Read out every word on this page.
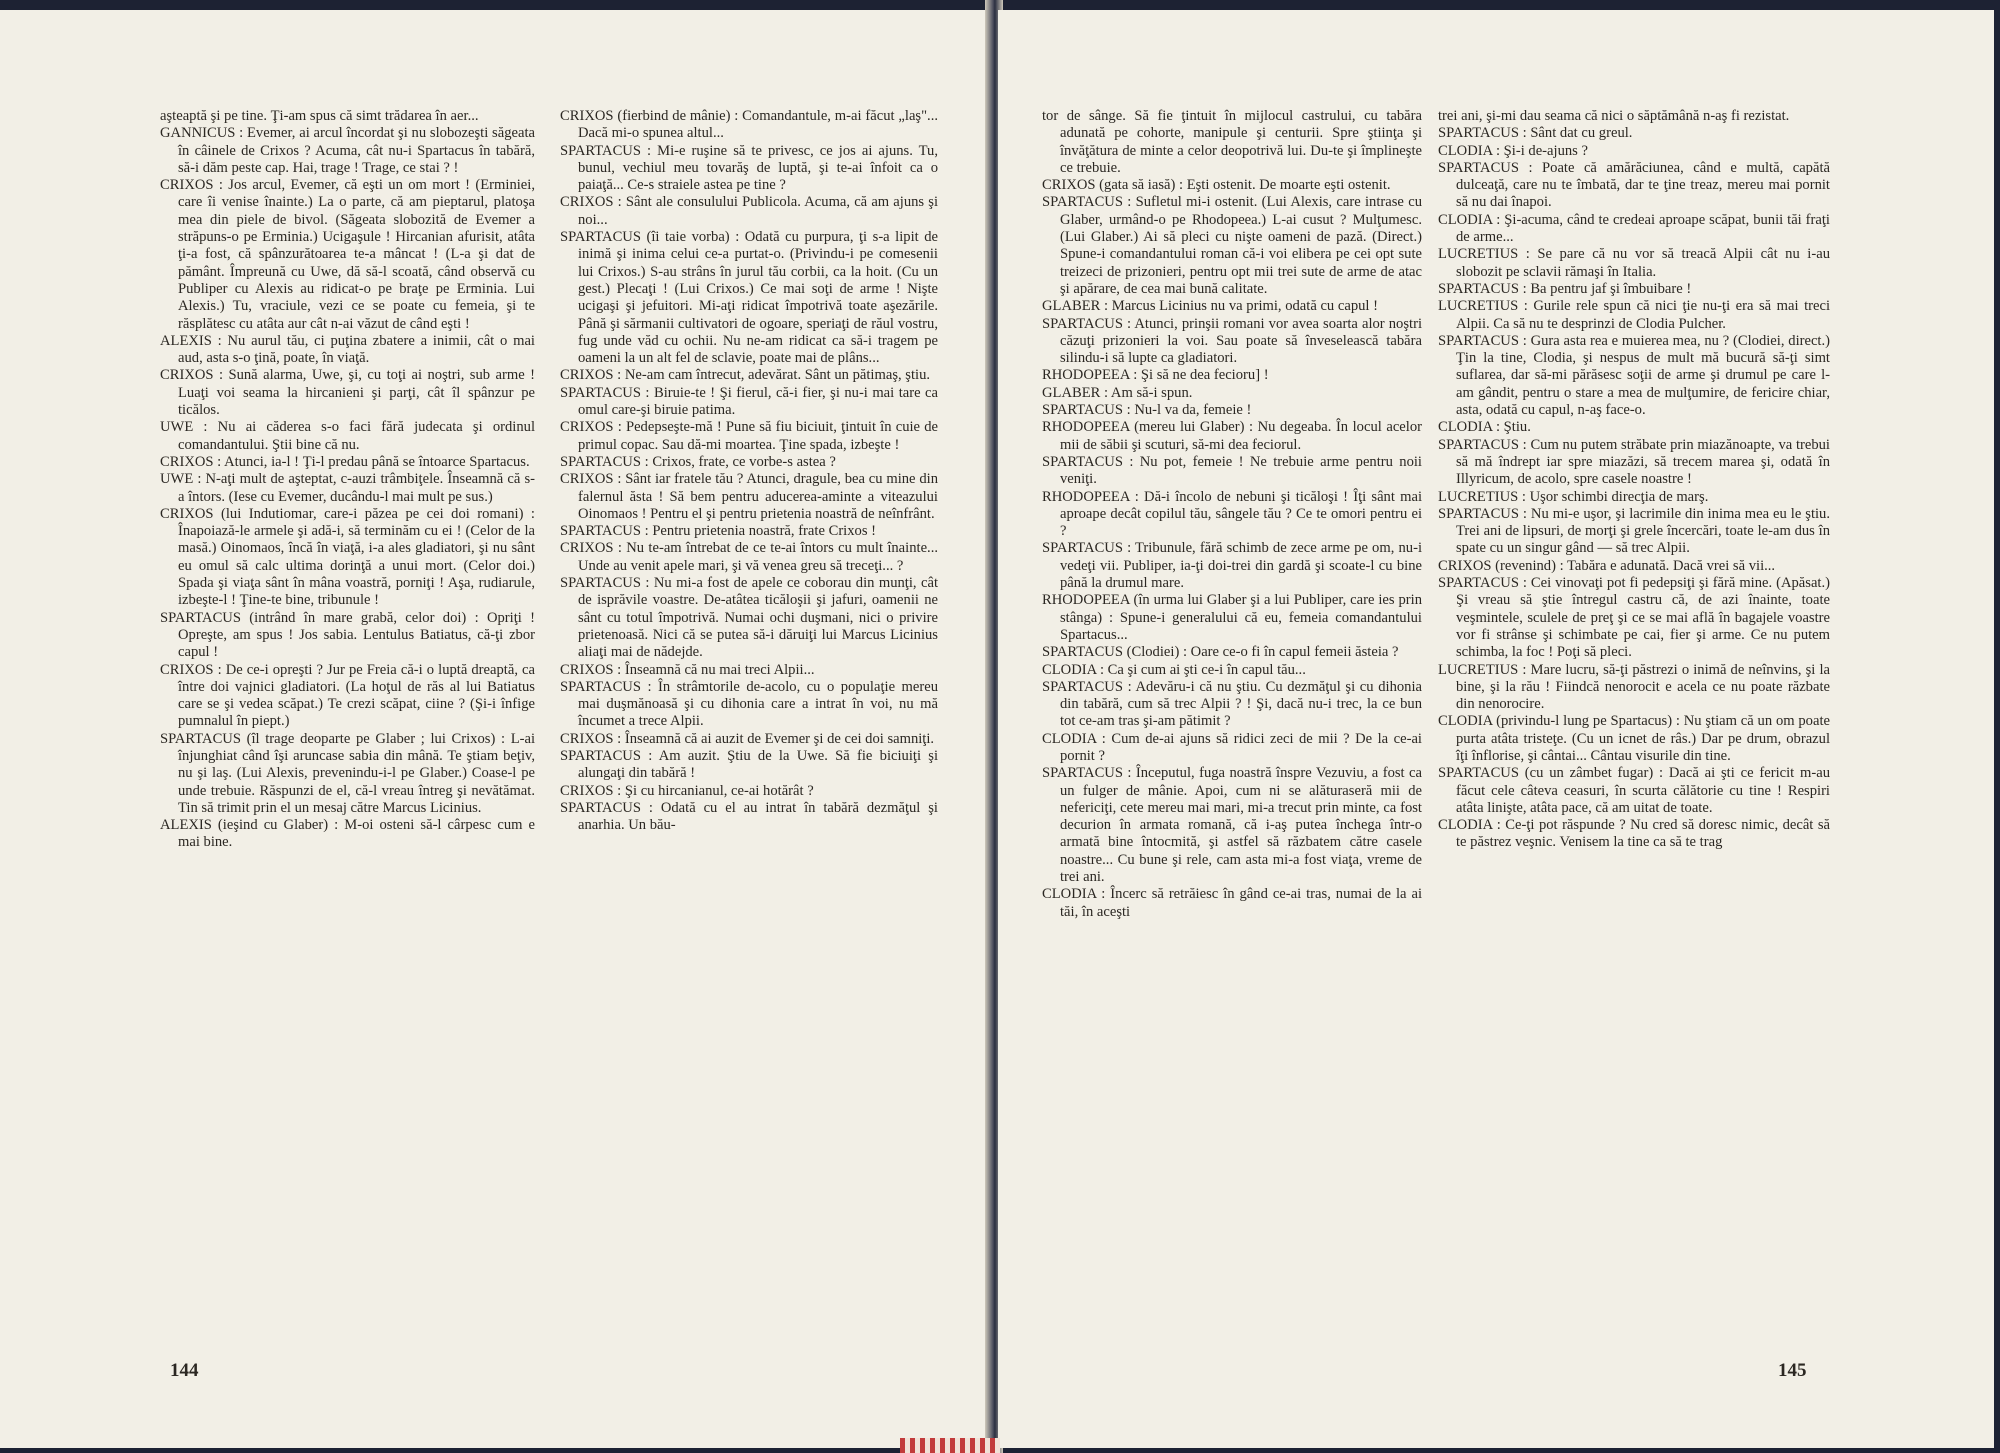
aşteaptă şi pe tine. Ţi-am spus că simt trădarea în aer...

GANNICUS : Evemer, ai arcul încordat şi nu slobozeşti săgeata în câinele de Crixos ? Acuma, cât nu-i Spartacus în tabără, să-i dăm peste cap. Hai, trage ! Trage, ce stai ? !

CRIXOS : Jos arcul, Evemer, că eşti un om mort ! (Erminiei, care îi venise înainte.) La o parte, că am pieptarul, platoşa mea din piele de bivol. (Săgeata slobozită de Evemer a străpuns-o pe Erminia.) Ucigaşule ! Hircanian afurisit, atâta ţi-a fost, că spânzurătoarea te-a mâncat ! (L-a şi dat de pământ. Împreună cu Uwe, dă să-l scoată, când observă cu Publiper cu Alexis au ridicat-o pe braţe pe Erminia. Lui Alexis.) Tu, vraciule, vezi ce se poate cu femeia, şi te răsplătesc cu atâta aur cât n-ai văzut de când eşti !

ALEXIS : Nu aurul tău, ci puţina zbatere a inimii, cât o mai aud, asta s-o ţină, poate, în viaţă.

CRIXOS : Sună alarma, Uwe, şi, cu toţi ai noştri, sub arme ! Luaţi voi seama la hircanieni şi parţi, cât îl spânzur pe ticălos.

UWE : Nu ai căderea s-o faci fără judecata şi ordinul comandantului. Ştii bine că nu.

CRIXOS : Atunci, ia-l ! Ţi-l predau până se întoarce Spartacus.

UWE : N-aţi mult de aşteptat, c-auzi trâmbiţele. Înseamnă că s-a întors. (Iese cu Evemer, ducându-l mai mult pe sus.)

CRIXOS (lui Indutiomar, care-i păzea pe cei doi romani) : Înapoiază-le armele şi adă-i, să terminăm cu ei ! (Celor de la masă.) Oinomaos, încă în viaţă, i-a ales gladiatori, şi nu sânt eu omul să calc ultima dorinţă a unui mort. (Celor doi.) Spada şi viaţa sânt în mâna voastră, porniţi ! Aşa, rudiarule, izbeşte-l ! Ţine-te bine, tribunule !

SPARTACUS (intrând în mare grabă, celor doi) : Opriţi ! Opreşte, am spus ! Jos sabia. Lentulus Batiatus, că-ţi zbor capul !

CRIXOS : De ce-i opreşti ? Jur pe Freia că-i o luptă dreaptă, ca între doi vajnici gladiatori. (La hoţul de răs al lui Batiatus care se şi vedea scăpat.) Te crezi scăpat, ciine ? (Şi-i înfige pumnalul în piept.)

SPARTACUS (îl trage deoparte pe Glaber ; lui Crixos) : L-ai înjunghiat când îşi aruncase sabia din mână. Te ştiam beţiv, nu şi laş. (Lui Alexis, prevenindu-i-l pe Glaber.) Coase-l pe unde trebuie. Răspunzi de el, că-l vreau întreg şi nevătămat. Tin să trimit prin el un mesaj către Marcus Licinius.

ALEXIS (ieşind cu Glaber) : M-oi osteni să-l cârpesc cum e mai bine.

CRIXOS (fierbind de mânie) : Comandantule, m-ai făcut „laş"... Dacă mi-o spunea altul...

SPARTACUS : Mi-e ruşine să te privesc, ce jos ai ajuns. Tu, bunul, vechiul meu tovarăş de luptă, şi te-ai înfoit ca o paiaţă... Ce-s straiele astea pe tine ?

CRIXOS : Sânt ale consulului Publicola. Acuma, că am ajuns şi noi...

SPARTACUS (îi taie vorba) : Odată cu purpura, ţi s-a lipit de inimă şi inima celui ce-a purtat-o. (Privindu-i pe comesenii lui Crixos.) S-au strâns în jurul tău corbii, ca la hoit. (Cu un gest.) Plecaţi ! (Lui Crixos.) Ce mai soţi de arme ! Nişte ucigaşi şi jefuitori. Mi-aţi ridicat împotrivă toate aşezările. Până şi sărmanii cultivatori de ogoare, speriaţi de răul vostru, fug unde văd cu ochii. Nu ne-am ridicat ca să-i tragem pe oameni la un alt fel de sclavie, poate mai de plâns...

CRIXOS : Ne-am cam întrecut, adevărat. Sânt un pătimaş, ştiu.

SPARTACUS : Biruie-te ! Şi fierul, că-i fier, şi nu-i mai tare ca omul care-şi biruie patima.

CRIXOS : Pedepseşte-mă ! Pune să fiu biciuit, ţintuit în cuie de primul copac. Sau dă-mi moartea. Ţine spada, izbeşte !

SPARTACUS : Crixos, frate, ce vorbe-s astea ?

CRIXOS : Sânt iar fratele tău ? Atunci, dragule, bea cu mine din falernul ăsta ! Să bem pentru aducerea-aminte a viteazului Oinomaos ! Pentru el şi pentru prietenia noastră de neînfrânt.

SPARTACUS : Pentru prietenia noastră, frate Crixos !

CRIXOS : Nu te-am întrebat de ce te-ai întors cu mult înainte... Unde au venit apele mari, şi vă venea greu să treceţi... ?

SPARTACUS : Nu mi-a fost de apele ce coborau din munţi, cât de isprăvile voastre. De-atâtea ticăloşii şi jafuri, oamenii ne sânt cu totul împotrivă. Numai ochi duşmani, nici o privire prietenoasă. Nici că se putea să-i dăruiţi lui Marcus Licinius aliaţi mai de nădejde.

CRIXOS : Înseamnă că nu mai treci Alpii...

SPARTACUS : În strâmtorile de-acolo, cu o populaţie mereu mai duşmănoasă şi cu dihonia care a intrat în voi, nu mă încumet a trece Alpii.

CRIXOS : Înseamnă că ai auzit de Evemer şi de cei doi samniţi.

SPARTACUS : Am auzit. Ştiu de la Uwe. Să fie biciuiţi şi alungaţi din tabără !

CRIXOS : Şi cu hircanianul, ce-ai hotărât ?

SPARTACUS : Odată cu el au intrat în tabără dezmăţul şi anarhia. Un bău-

144

tor de sânge. Să fie ţintuit în mijlocul castrului, cu tabăra adunată pe cohorte, manipule şi centurii. Spre ştiinţa şi învăţătura de minte a celor deopotrivă lui. Du-te şi împlineşte ce trebuie.

CRIXOS (gata să iasă) : Eşti ostenit. De moarte eşti ostenit.

SPARTACUS : Sufletul mi-i ostenit. (Lui Alexis, care intrase cu Glaber, urmând-o pe Rhodopeea.) L-ai cusut ? Mulţumesc. (Lui Glaber.) Ai să pleci cu nişte oameni de pază. (Direct.) Spune-i comandantului roman că-i voi elibera pe cei opt sute treizeci de prizonieri, pentru opt mii trei sute de arme de atac şi apărare, de cea mai bună calitate.

GLABER : Marcus Licinius nu va primi, odată cu capul !

SPARTACUS : Atunci, prinşii romani vor avea soarta alor noştri căzuţi prizonieri la voi. Sau poate să înveselească tabăra silindu-i să lupte ca gladiatori.

RHODOPEEA : Şi să ne dea fecioru] !

GLABER : Am să-i spun.

SPARTACUS : Nu-l va da, femeie !

RHODOPEEA (mereu lui Glaber) : Nu degeaba. În locul acelor mii de săbii şi scuturi, să-mi dea feciorul.

SPARTACUS : Nu pot, femeie ! Ne trebuie arme pentru noii veniţi.

RHODOPEEA : Dă-i încolo de nebuni şi ticăloşi ! Îţi sânt mai aproape decât copilul tău, sângele tău ? Ce te omori pentru ei ?

SPARTACUS : Tribunule, fără schimb de zece arme pe om, nu-i vedeţi vii. Publiper, ia-ţi doi-trei din gardă şi scoate-l cu bine până la drumul mare.

RHODOPEEA (în urma lui Glaber şi a lui Publiper, care ies prin stânga) : Spune-i generalului că eu, femeia comandantului Spartacus...

SPARTACUS (Clodiei) : Oare ce-o fi în capul femeii ăsteia ?

CLODIA : Ca şi cum ai şti ce-i în capul tău...

SPARTACUS : Adevăru-i că nu ştiu. Cu dezmăţul şi cu dihonia din tabără, cum să trec Alpii ? ! Şi, dacă nu-i trec, la ce bun tot ce-am tras şi-am pătimit ?

CLODIA : Cum de-ai ajuns să ridici zeci de mii ? De la ce-ai pornit ?

SPARTACUS : Începutul, fuga noastră înspre Vezuviu, a fost ca un fulger de mânie. Apoi, cum ni se alăturaseră mii de nefericiţi, cete mereu mai mari, mi-a trecut prin minte, ca fost decurion în armata romană, că i-aş putea închega într-o armată bine întocmită, şi astfel să răzbatem către casele noastre... Cu bune şi rele, cam asta mi-a fost viaţa, vreme de trei ani.

CLODIA : Încerc să retrăiesc în gând ce-ai tras, numai de la ai tăi, în aceşti

trei ani, şi-mi dau seama că nici o săptămână n-aş fi rezistat.

SPARTACUS : Sânt dat cu greul.

CLODIA : Şi-i de-ajuns ?

SPARTACUS : Poate că amărăciunea, când e multă, capătă dulceaţă, care nu te îmbată, dar te ţine treaz, mereu mai pornit să nu dai înapoi.

CLODIA : Şi-acuma, când te credeai aproape scăpat, bunii tăi fraţi de arme...

LUCRETIUS : Se pare că nu vor să treacă Alpii cât nu i-au slobozit pe sclavii rămaşi în Italia.

SPARTACUS : Ba pentru jaf şi îmbuibare !

LUCRETIUS : Gurile rele spun că nici ţie nu-ţi era să mai treci Alpii. Ca să nu te desprinzi de Clodia Pulcher.

SPARTACUS : Gura asta rea e muierea mea, nu ? (Clodiei, direct.) Ţin la tine, Clodia, şi nespus de mult mă bucură să-ţi simt suflarea, dar să-mi părăsesc soţii de arme şi drumul pe care l-am gândit, pentru o stare a mea de mulţumire, de fericire chiar, asta, odată cu capul, n-aş face-o.

CLODIA : Ştiu.

SPARTACUS : Cum nu putem străbate prin miazănoapte, va trebui să mă îndrept iar spre miazăzi, să trecem marea şi, odată în Illyricum, de acolo, spre casele noastre !

LUCRETIUS : Uşor schimbi direcţia de marş.

SPARTACUS : Nu mi-e uşor, şi lacrimile din inima mea eu le ştiu. Trei ani de lipsuri, de morţi şi grele încercări, toate le-am dus în spate cu un singur gând — să trec Alpii.

CRIXOS (revenind) : Tabăra e adunată. Dacă vrei să vii...

SPARTACUS : Cei vinovaţi pot fi pedepsiţi şi fără mine. (Apăsat.) Şi vreau să ştie întregul castru că, de azi înainte, toate veşmintele, sculele de preţ şi ce se mai află în bagajele voastre vor fi strânse şi schimbate pe cai, fier şi arme. Ce nu putem schimba, la foc ! Poţi să pleci.

LUCRETIUS : Mare lucru, să-ţi păstrezi o inimă de neînvins, şi la bine, şi la rău ! Fiindcă nenorocit e acela ce nu poate răzbate din nenorocire.

CLODIA (privindu-l lung pe Spartacus) : Nu ştiam că un om poate purta atâta tristeţe. (Cu un icnet de râs.) Dar pe drum, obrazul îţi înflorise, şi cântai... Cântau visurile din tine.

SPARTACUS (cu un zâmbet fugar) : Dacă ai şti ce fericit m-au făcut cele câteva ceasuri, în scurta călătorie cu tine ! Respiri atâta linişte, atâta pace, că am uitat de toate.

CLODIA : Ce-ţi pot răspunde ? Nu cred să doresc nimic, decât să te păstrez veşnic. Venisem la tine ca să te trag

145
